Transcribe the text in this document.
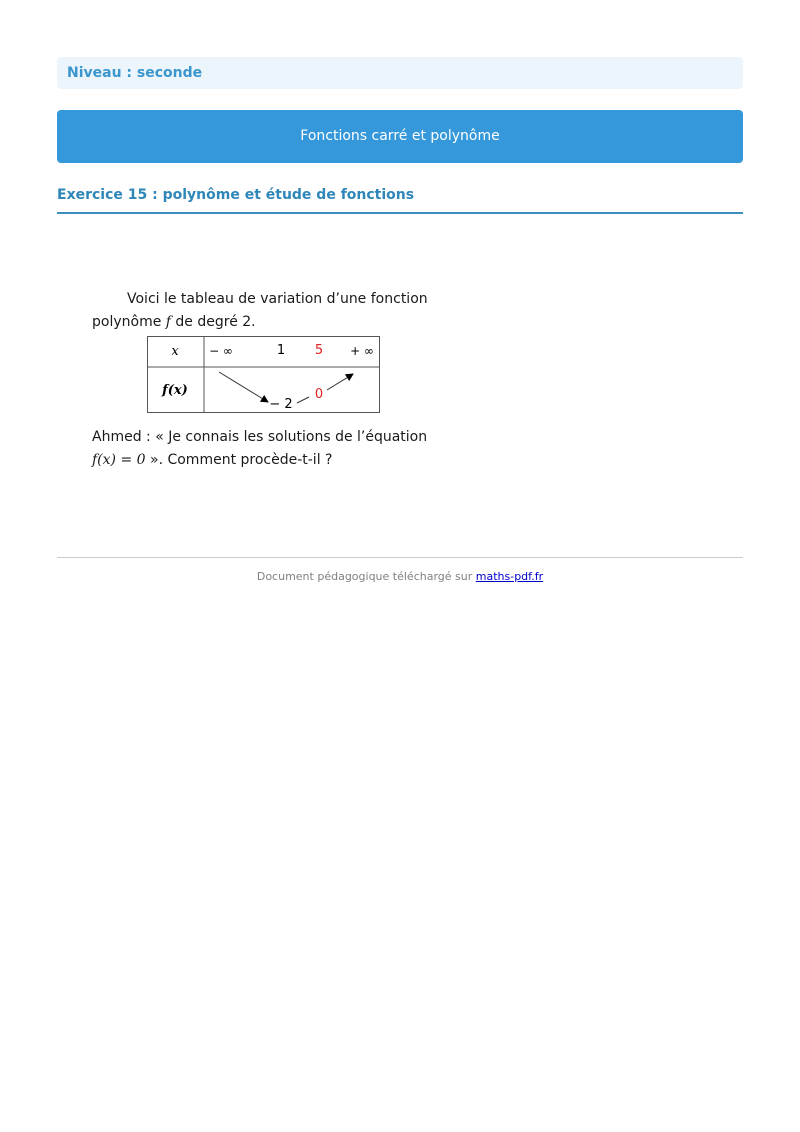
Niveau : seconde
Fonctions carré et polynôme
Exercice 15 : polynôme et étude de fonctions
Voici le tableau de variation d’une fonction polynôme f de degré 2.
x
f(x)
− ∞	1 5 + ∞
− 2
0
Ahmed : « Je connais les solutions de l’équation f(x) = 0 ». Comment procède-t-il ?
Document pédagogique téléchargé sur maths-pdf.fr
